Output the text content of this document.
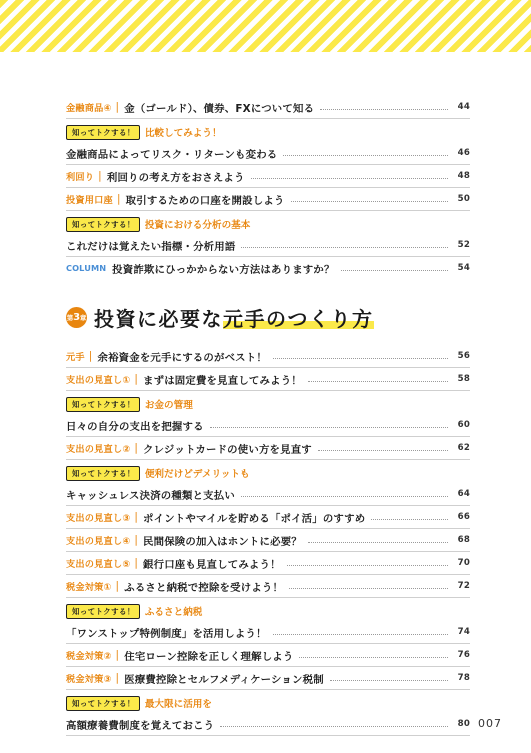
金融商品④ | 金（ゴールド）、債券、FXについて知る	44
知ってトクする！	比較してみよう！
金融商品によってリスク・リターンも変わる	46
利回り | 利回りの考え方をおさえよう	48
投資用口座 | 取引するための口座を開設しよう	50
知ってトクする！	投資における分析の基本
これだけは覚えたい指標・分析用語	52
COLUMN 投資詐欺にひっかからない方法はありますか？	54
第 3 章 投資に必要な元手のつくり方
元手 | 余裕資金を元手にするのがベスト！	56
支出の見直し① | まずは固定費を見直してみよう！	58
知ってトクする！	お金の管理
日々の自分の支出を把握する	60
支出の見直し② | クレジットカードの使い方を見直す	62
知ってトクする！	便利だけどデメリットも
キャッシュレス決済の種類と支払い	64
支出の見直し③ | ポイントやマイルを貯める「ポイ活」のすすめ	66
支出の見直し④ | 民間保険の加入はホントに必要？	68
支出の見直し⑤ | 銀行口座も見直してみよう！	70
税金対策① | ふるさと納税で控除を受けよう！	72
知ってトクする！	ふるさと納税
「ワンストップ特例制度」を活用しよう！	74
税金対策② | 住宅ローン控除を正しく理解しよう	76
税金対策③ | 医療費控除とセルフメディケーション税制	78
知ってトクする！	最大限に活用を
高額療養費制度を覚えておこう	80 007
